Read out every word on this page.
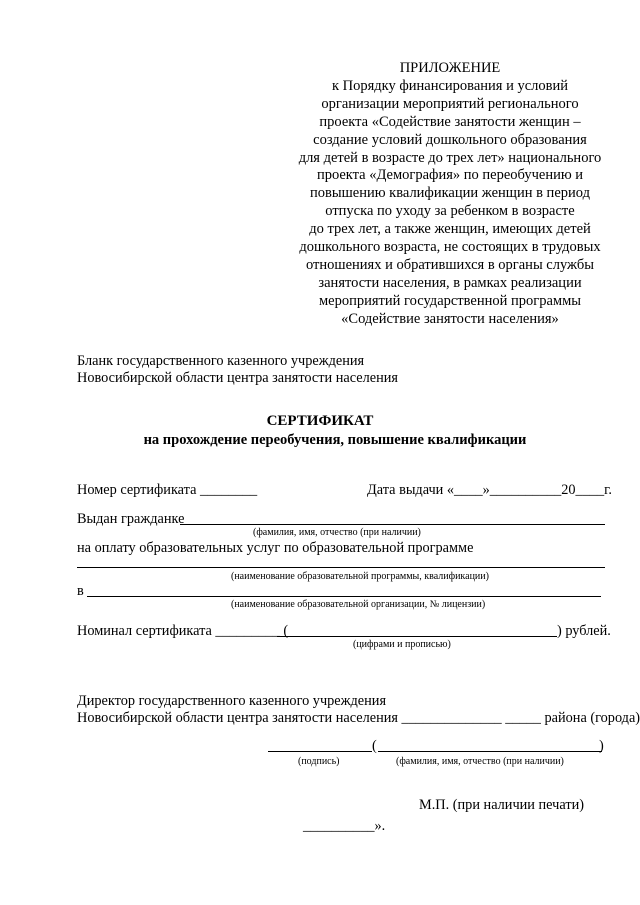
ПРИЛОЖЕНИЕ
к Порядку финансирования и условий
организации мероприятий регионального
проекта «Содействие занятости женщин –
создание условий дошкольного образования
для детей в возрасте до трех лет» национального
проекта «Демография» по переобучению и
повышению квалификации женщин в период
отпуска по уходу за ребенком в возрасте
до трех лет, а также женщин, имеющих детей
дошкольного возраста, не состоящих в трудовых
отношениях и обратившихся в органы службы
занятости населения, в рамках реализации
мероприятий государственной программы
«Содействие занятости населения»
Бланк государственного казенного учреждения
Новосибирской области центра занятости населения
СЕРТИФИКАТ
на прохождение переобучения, повышение квалификации
Номер сертификата ________	Дата выдачи «____»__________20____г.
Выдан гражданке
(фамилия, имя, отчество (при наличии)
на оплату образовательных услуг по образовательной программе
(наименование образовательной программы, квалификации)
в
(наименование образовательной организации, № лицензии)
Номинал сертификата _________ (	) рублей.
(цифрами и прописью)
Директор государственного казенного учреждения
Новосибирской области центра занятости населения ______________ _____ района (города)
(	)
(подпись)	(фамилия, имя, отчество (при наличии)
М.П. (при наличии печати)
__________».
